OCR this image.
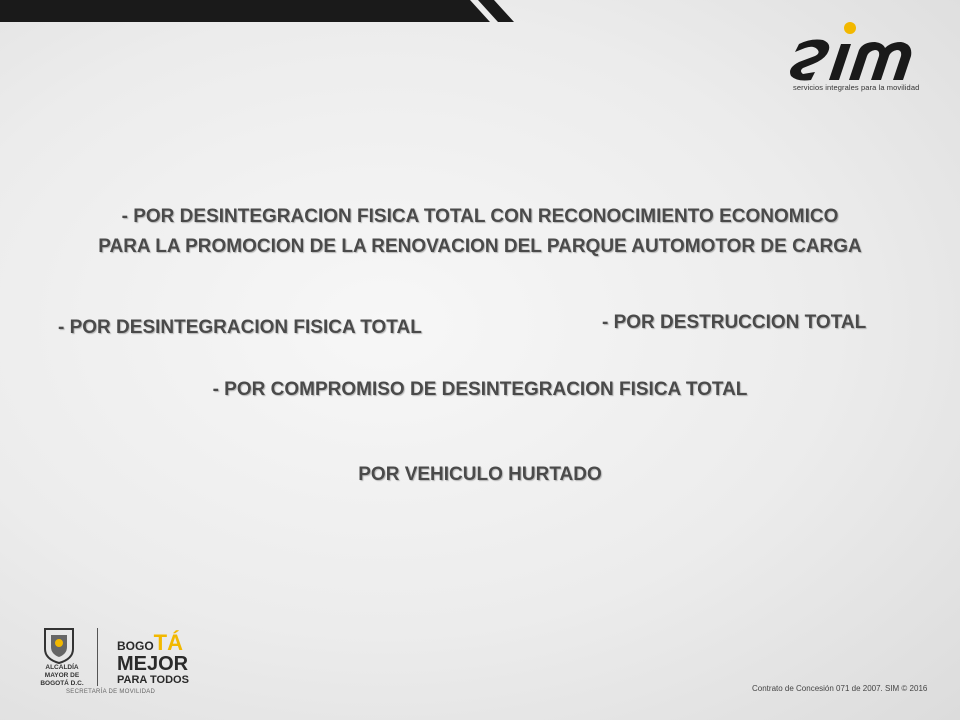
servicios integrales para la movilidad
- POR DESINTEGRACION FISICA TOTAL CON RECONOCIMIENTO ECONOMICO
PARA LA PROMOCION DE LA RENOVACION DEL PARQUE AUTOMOTOR DE CARGA
- POR DESINTEGRACION FISICA TOTAL	- POR DESTRUCCION TOTAL
- POR COMPROMISO DE DESINTEGRACION FISICA TOTAL
POR VEHICULO HURTADO
ALCALDÍA MAYOR DE BOGOTÁ D.C.
BOGOTÁ
MEJOR
PARA TODOS
SECRETARÍA DE MOVILIDAD	Contrato de Concesión 071 de 2007. SIM © 2016
